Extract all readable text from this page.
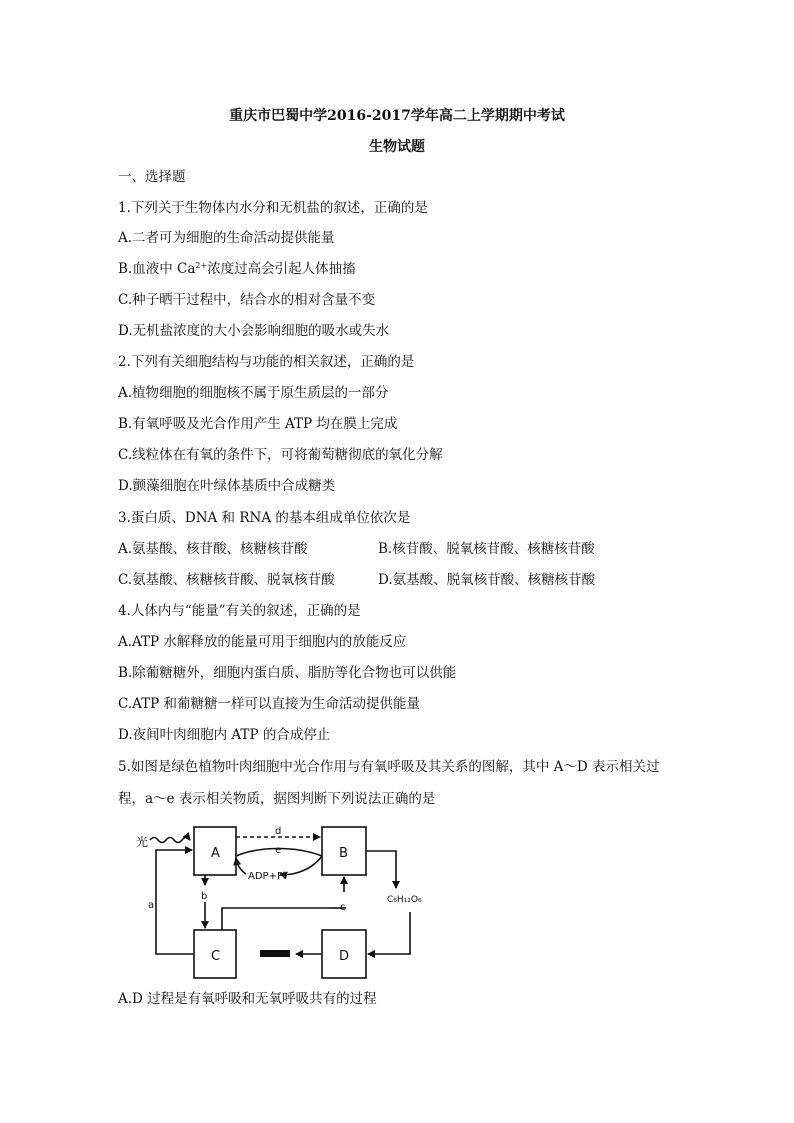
重庆市巴蜀中学2016-2017学年高二上学期期中考试
生物试题
一、选择题
1.下列关于生物体内水分和无机盐的叙述，正确的是
A.二者可为细胞的生命活动提供能量
B.血液中 $Ca^{2+}$浓度过高会引起人体抽搐
C.种子晒干过程中，结合水的相对含量不变
D.无机盐浓度的大小会影响细胞的吸水或失水
2.下列有关细胞结构与功能的相关叙述，正确的是
A.植物细胞的细胞核不属于原生质层的一部分
B.有氧呼吸及光合作用产生 ATP 均在膜上完成
C.线粒体在有氧的条件下，可将葡萄糖彻底的氧化分解
D.颤藻细胞在叶绿体基质中合成糖类
3.蛋白质、DNA 和 RNA 的基本组成单位依次是
A.氨基酸、核苷酸、核糖核苷酸	B.核苷酸、脱氧核苷酸、核糖核苷酸
C.氨基酸、核糖核苷酸、脱氧核苷酸	D.氨基酸、脱氧核苷酸、核糖核苷酸
4.人体内与“能量”有关的叙述，正确的是
A.ATP 水解释放的能量可用于细胞内的放能反应
B.除葡糖糖外，细胞内蛋白质、脂肪等化合物也可以供能
C.ATP 和葡糖糖一样可以直接为生命活动提供能量
D.夜间叶肉细胞内 ATP 的合成停止
5.如图是绿色植物叶肉细胞中光合作用与有氧呼吸及其关系的图解，其中 A～D 表示相关过
程，a～e 表示相关物质，据图判断下列说法正确的是
光
A	B
C	D
d
e
ADP+Pi
a
b
c
C₆H₁₂O₆
A.D 过程是有氧呼吸和无氧呼吸共有的过程
